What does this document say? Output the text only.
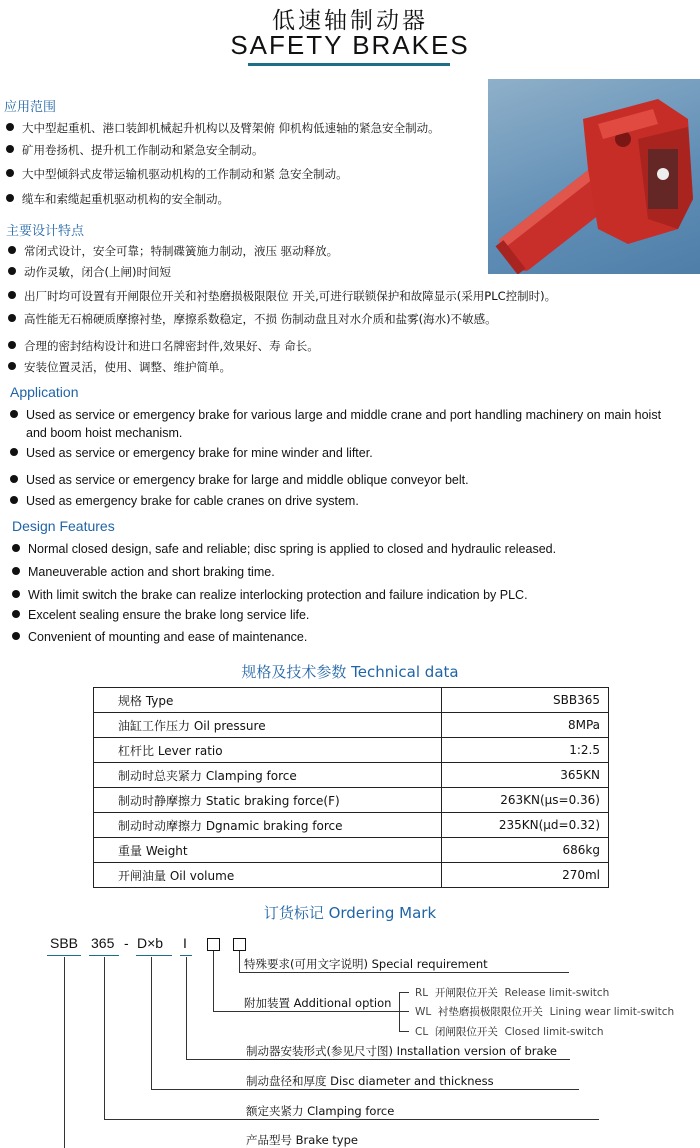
低速轴制动器
SAFETY BRAKES
应用范围
大中型起重机、港口装卸机械起升机构以及臂架俯 仰机构低速轴的紧急安全制动。
矿用卷扬机、提升机工作制动和紧急安全制动。
大中型倾斜式皮带运输机驱动机构的工作制动和紧 急安全制动。
缆车和索缆起重机驱动机构的安全制动。
主要设计特点
常闭式设计，安全可靠；特制碟簧施力制动，液压 驱动释放。
动作灵敏，闭合(上闸)时间短
出厂时均可设置有开闸限位开关和衬垫磨损极限限位 开关,可进行联锁保护和故障显示(采用PLC控制时)。
高性能无石棉硬质摩擦衬垫，摩擦系数稳定，不损 伤制动盘且对水介质和盐雾(海水)不敏感。
合理的密封结构设计和进口名牌密封件,效果好、寿 命长。
安装位置灵活，使用、调整、维护简单。
Application
Used as service or emergency brake for various large and middle crane and port handling machinery on main hoist and boom hoist mechanism.
Used as service or emergency brake for mine winder and lifter.
Used as service or emergency brake for large and middle oblique conveyor belt.
Used as emergency brake for cable cranes on drive system.
Design Features
Normal closed design, safe and reliable; disc spring is applied to closed and hydraulic released.
Maneuverable action and short braking time.
With limit switch the brake can realize interlocking protection and failure indication by PLC.
Excelent sealing ensure the brake long service life.
Convenient of mounting and ease of maintenance.
规格及技术参数 Technical data
规格 Type	SBB365
油缸工作压力 Oil pressure	8MPa
杠杆比 Lever ratio	1:2.5
制动时总夹紧力 Clamping force	365KN
制动时静摩擦力 Static braking force(F)	263KN(μs=0.36)
制动时动摩擦力 Dgnamic braking force	235KN(μd=0.32)
重量 Weight	686kg
开闸油量 Oil volume	270ml
订货标记 Ordering Mark
SBB 365 - D×b I
特殊要求(可用文字说明) Special requirement
附加装置 Additional option
制动器安装形式(参见尺寸图) Installation version of brake
制动盘径和厚度 Disc diameter and thickness
额定夹紧力 Clamping force
产品型号 Brake type
RL 开闸限位开关 Release limit-switch
WL 衬垫磨损极限限位开关 Lining wear limit-switch
CL 闭闸限位开关 Closed limit-switch
